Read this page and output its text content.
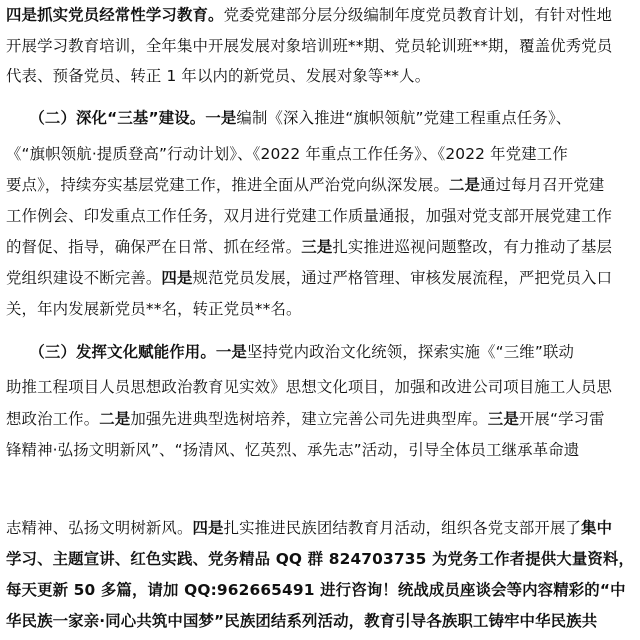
四是抓实党员经常性学习教育。党委党建部分层分级编制年度党员教育计划，有针对性地
开展学习教育培训，全年集中开展发展对象培训班**期、党员轮训班**期，覆盖优秀党员
代表、预备党员、转正 1 年以内的新党员、发展对象等**人。
　　（二）深化“三基”建设。一是编制《深入推进“旗帜领航”党建工程重点任务》、
《“旗帜领航·提质登高”行动计划》、《2022 年重点工作任务》、《2022 年党建工作
要点》，持续夯实基层党建工作，推进全面从严治党向纵深发展。二是通过每月召开党建
工作例会、印发重点工作任务，双月进行党建工作质量通报，加强对党支部开展党建工作
的督促、指导，确保严在日常、抓在经常。三是扎实推进巡视问题整改，有力推动了基层
党组织建设不断完善。四是规范党员发展，通过严格管理、审核发展流程，严把党员入口
关，年内发展新党员**名，转正党员**名。
　　（三）发挥文化赋能作用。一是坚持党内政治文化统领，探索实施《“三维”联动
助推工程项目人员思想政治教育见实效》思想文化项目，加强和改进公司项目施工人员思
想政治工作。二是加强先进典型选树培养，建立完善公司先进典型库。三是开展“学习雷
锋精神·弘扬文明新风”、“扬清风、忆英烈、承先志”活动，引导全体员工继承革命遗
志精神、弘扬文明树新风。四是扎实推进民族团结教育月活动，组织各党支部开展了集中
学习、主题宣讲、红色实践、党务精品 QQ 群 824703735 为党务工作者提供大量资料，
每天更新 50 多篇，请加 QQ:962665491 进行咨询！统战成员座谈会等内容精彩的“中
华民族一家亲·同心共筑中国梦”民族团结系列活动，教育引导各族职工铸牢中华民族共
